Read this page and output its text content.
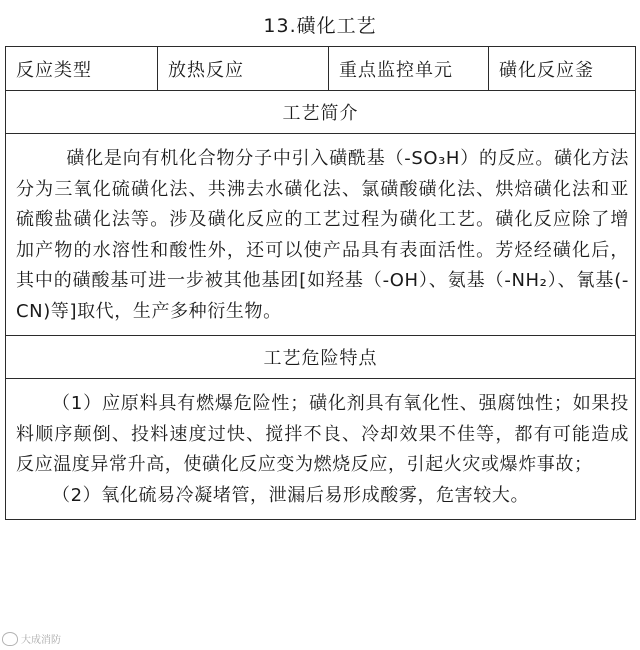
13.磺化工艺
反应类型	放热反应	重点监控单元	磺化反应釜
工艺简介

磺化是向有机化合物分子中引入磺酰基（-SO₃H）的反应。磺化方法分为三氧化硫磺化法、共沸去水磺化法、氯磺酸磺化法、烘焙磺化法和亚硫酸盐磺化法等。涉及磺化反应的工艺过程为磺化工艺。磺化反应除了增加产物的水溶性和酸性外，还可以使产品具有表面活性。芳烃经磺化后，其中的磺酸基可进一步被其他基团[如羟基（-OH）、氨基（-NH₂）、氰基(-CN)等]取代，生产多种衍生物。

工艺危险特点

（1）应原料具有燃爆危险性；磺化剂具有氧化性、强腐蚀性；如果投料顺序颠倒、投料速度过快、搅拌不良、冷却效果不佳等，都有可能造成反应温度异常升高，使磺化反应变为燃烧反应，引起火灾或爆炸事故；

（2）氧化硫易冷凝堵管，泄漏后易形成酸雾，危害较大。

大成消防
